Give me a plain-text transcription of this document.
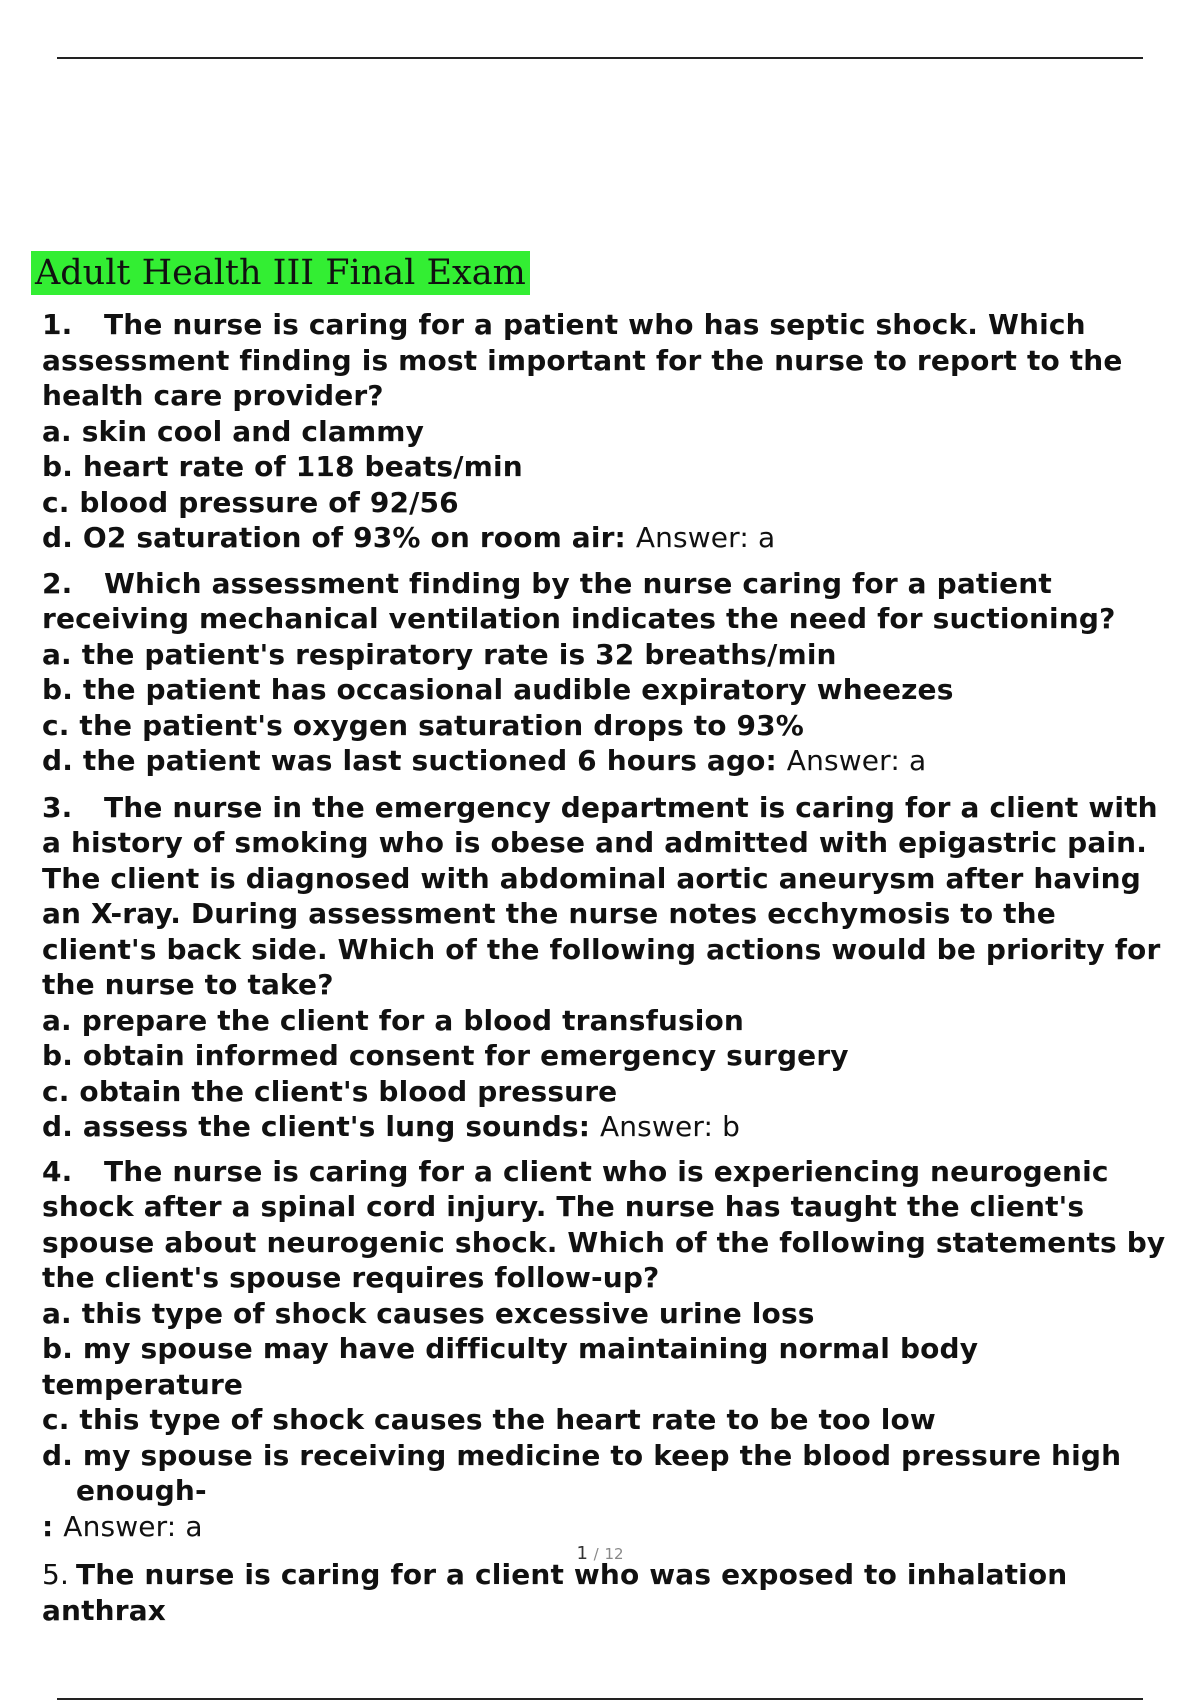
Adult Health III Final Exam
1. The nurse is caring for a patient who has septic shock. Which assessment finding is most important for the nurse to report to the health care provider?
a. skin cool and clammy
b. heart rate of 118 beats/min
c. blood pressure of 92/56
d. O2 saturation of 93% on room air: Answer: a
2. Which assessment finding by the nurse caring for a patient receiving mechanical ventilation indicates the need for suctioning?
a. the patient's respiratory rate is 32 breaths/min
b. the patient has occasional audible expiratory wheezes
c. the patient's oxygen saturation drops to 93%
d. the patient was last suctioned 6 hours ago: Answer: a
3. The nurse in the emergency department is caring for a client with a history of smoking who is obese and admitted with epigastric pain. The client is diagnosed with abdominal aortic aneurysm after having an X-ray. During assessment the nurse notes ecchymosis to the client's back side. Which of the following actions would be priority for the nurse to take?
a. prepare the client for a blood transfusion
b. obtain informed consent for emergency surgery
c. obtain the client's blood pressure
d. assess the client's lung sounds: Answer: b
4. The nurse is caring for a client who is experiencing neurogenic shock after a spinal cord injury. The nurse has taught the client's spouse about neurogenic shock. Which of the following statements by the client's spouse requires follow-up?
a. this type of shock causes excessive urine loss
b. my spouse may have difficulty maintaining normal body temperature
c. this type of shock causes the heart rate to be too low
d. my spouse is receiving medicine to keep the blood pressure high
enough-
: Answer: a
5. The nurse is caring for a client who was exposed to inhalation anthrax
1 / 12
